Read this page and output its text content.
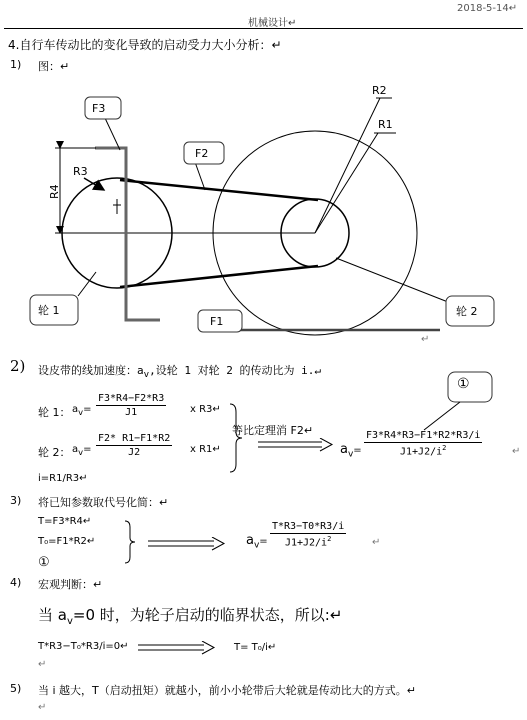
2018-5-14↵
机械设计↵
4.自行车传动比的变化导致的启动受力大小分析：↵
1) 图：↵
F3
F2
轮 1	轮 2
F1
R2
R1
R3
R4
↵
2) 设皮带的线加速度：$a_v$,设轮 1 对轮 2 的传动比为 i.↵
轮 1： $a_v= \frac{F3*R4-F2*R3}{J1}$ x R3↵
轮 2： $a_v= \frac{F2* R1-F1*R2}{J2}$ x R1↵
i=R1/R3↵
等比定理消 F2↵
$a_v= \frac{F3*R4*R3-F1*R2*R3/i}{J1+J2/i^2}$	↵
①
3) 将已知参数取代号化简：↵
T=F3*R4↵
T₀=F1*R2↵
①
$a_v= \frac{T*R3-T0*R3/i}{J1+J2/i^2}$	↵
4) 宏观判断：↵
当 $a_v=0$ 时，为轮子启动的临界状态，所以:↵
T*R3−T₀*R3/i=0↵	T= T₀/i↵
↵
5) 当 i 越大，T（启动扭矩）就越小，前小小轮带后大轮就是传动比大的方式。↵
↵
